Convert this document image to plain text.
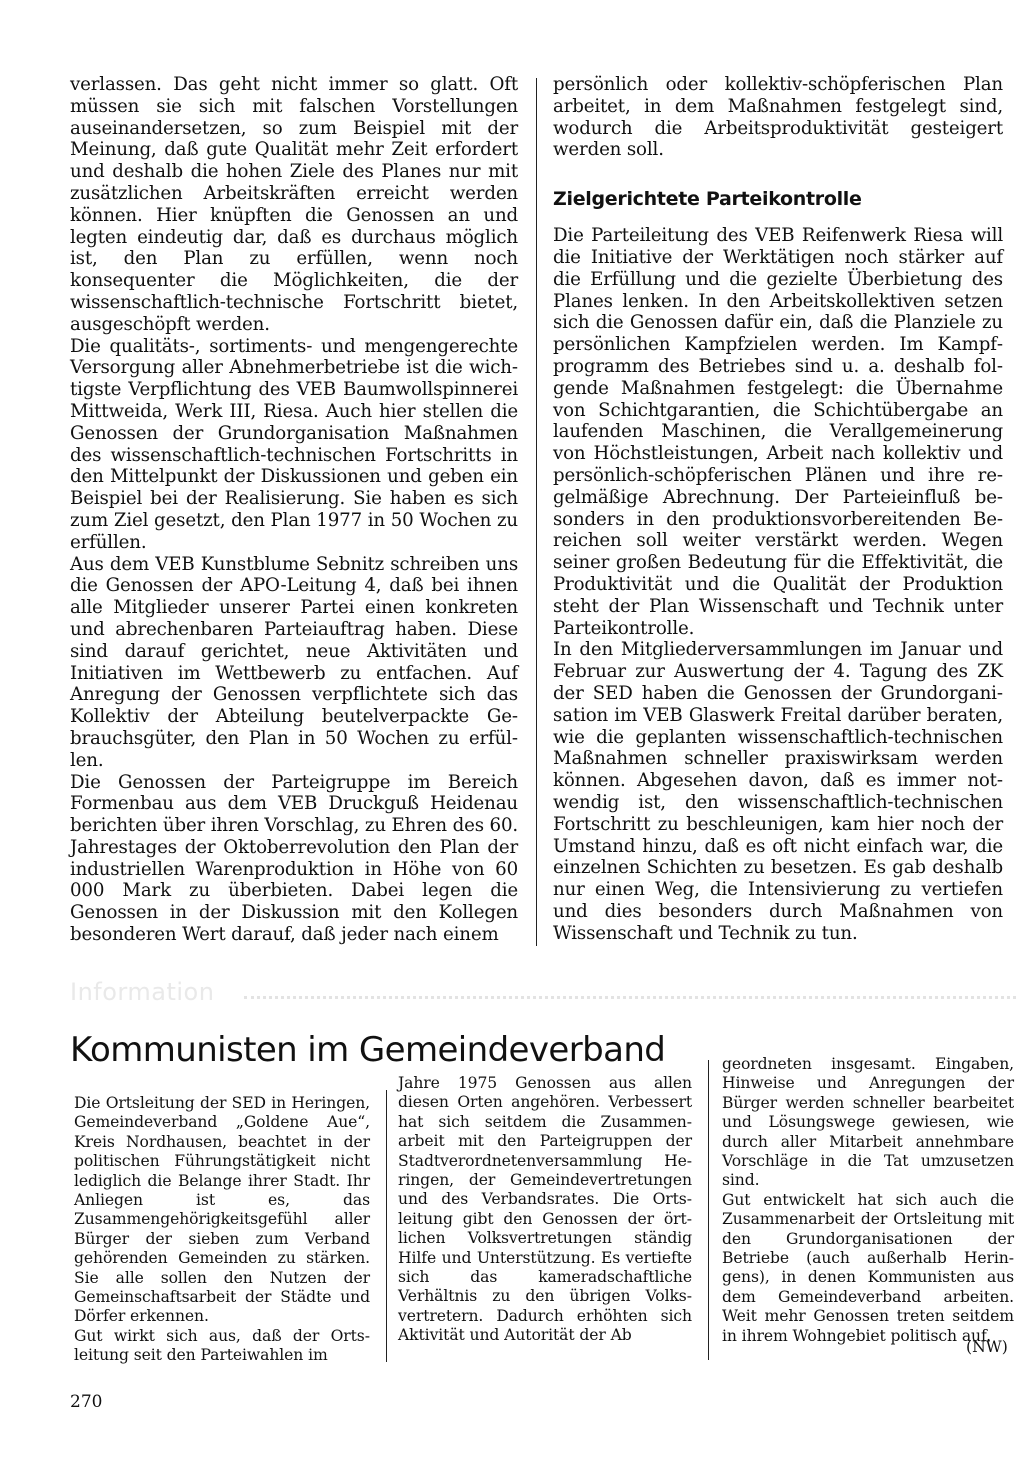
verlassen. Das geht nicht immer so glatt. Oft müssen sie sich mit falschen Vorstellungen auseinandersetzen, so zum Beispiel mit der Meinung, daß gute Qualität mehr Zeit erfordert und deshalb die hohen Ziele des Planes nur mit zusätzlichen Arbeitskräften erreicht werden können. Hier knüpften die Genossen an und legten eindeutig dar, daß es durchaus möglich ist, den Plan zu erfüllen, wenn noch konsequenter die Möglichkeiten, die der wissenschaftlich-technische Fortschritt bietet, ausgeschöpft werden.

Die qualitäts-, sortiments- und mengengerechte Versorgung aller Abnehmerbetriebe ist die wichtigste Verpflichtung des VEB Baumwollspinnerei Mittweida, Werk III, Riesa. Auch hier stellen die Genossen der Grundorganisation Maßnahmen des wissenschaftlich-technischen Fortschritts in den Mittelpunkt der Diskussionen und geben ein Beispiel bei der Realisierung. Sie haben es sich zum Ziel gesetzt, den Plan 1977 in 50 Wochen zu erfüllen.

Aus dem VEB Kunstblume Sebnitz schreiben uns die Genossen der APO-Leitung 4, daß bei ihnen alle Mitglieder unserer Partei einen konkreten und abrechenbaren Parteiauftrag haben. Diese sind darauf gerichtet, neue Aktivitäten und Initiativen im Wettbewerb zu entfachen. Auf Anregung der Genossen verpflichtete sich das Kollektiv der Abteilung beutelverpackte Gebrauchsgüter, den Plan in 50 Wochen zu erfüllen.

Die Genossen der Parteigruppe im Bereich Formenbau aus dem VEB Druckguß Heidenau berichten über ihren Vorschlag, zu Ehren des 60. Jahrestages der Oktoberrevolution den Plan der industriellen Warenproduktion in Höhe von 60 000 Mark zu überbieten. Dabei legen die Genossen in der Diskussion mit den Kollegen besonderen Wert darauf, daß jeder nach einem

persönlich oder kollektiv-schöpferischen Plan arbeitet, in dem Maßnahmen festgelegt sind, wodurch die Arbeitsproduktivität gesteigert werden soll.

Zielgerichtete Parteikontrolle

Die Parteileitung des VEB Reifenwerk Riesa will die Initiative der Werktätigen noch stärker auf die Erfüllung und die gezielte Überbietung des Planes lenken. In den Arbeitskollektiven setzen sich die Genossen dafür ein, daß die Planziele zu persönlichen Kampfzielen werden. Im Kampfprogramm des Betriebes sind u. a. deshalb folgende Maßnahmen festgelegt: die Übernahme von Schichtgarantien, die Schichtübergabe an laufenden Maschinen, die Verallgemeinerung von Höchstleistungen, Arbeit nach kollektiv und persönlich-schöpferischen Plänen und ihre regelmäßige Abrechnung. Der Parteieinfluß besonders in den produktionsvorbereitenden Bereichen soll weiter verstärkt werden. Wegen seiner großen Bedeutung für die Effektivität, die Produktivität und die Qualität der Produktion steht der Plan Wissenschaft und Technik unter Parteikontrolle.

In den Mitgliederversammlungen im Januar und Februar zur Auswertung der 4. Tagung des ZK der SED haben die Genossen der Grundorganisation im VEB Glaswerk Freital darüber beraten, wie die geplanten wissenschaftlich-technischen Maßnahmen schneller praxiswirksam werden können. Abgesehen davon, daß es immer notwendig ist, den wissenschaftlich-technischen Fortschritt zu beschleunigen, kam hier noch der Umstand hinzu, daß es oft nicht einfach war, die einzelnen Schichten zu besetzen. Es gab deshalb nur einen Weg, die Intensivierung zu vertiefen und dies besonders durch Maßnahmen von Wissenschaft und Technik zu tun.

Information
Kommunisten im Gemeindeverband

Die Ortsleitung der SED in Heringen, Gemeindeverband „Goldene Aue“, Kreis Nordhausen, beachtet in der politischen Führungstätigkeit nicht lediglich die Belange ihrer Stadt. Ihr Anliegen ist es, das Zusammengehörigkeitsgefühl aller Bürger der sieben zum Verband gehörenden Gemeinden zu stärken. Sie alle sollen den Nutzen der Gemeinschaftsarbeit der Städte und Dörfer erkennen.

Gut wirkt sich aus, daß der Ortsleitung seit den Parteiwahlen im

Jahre 1975 Genossen aus allen diesen Orten angehören. Verbessert hat sich seitdem die Zusammenarbeit mit den Parteigruppen der Stadtverordnetenversammlung Heringen, der Gemeindevertretungen und des Verbandsrates. Die Ortsleitung gibt den Genossen der örtlichen Volksvertretungen ständig Hilfe und Unterstützung. Es vertiefte sich das kameradschaftliche Verhältnis zu den übrigen Volksvertretern. Dadurch erhöhten sich Aktivität und Autorität der Ab

geordneten insgesamt. Eingaben, Hinweise und Anregungen der Bürger werden schneller bearbeitet und Lösungswege gewiesen, wie durch aller Mitarbeit annehmbare Vorschläge in die Tat umzusetzen sind.

Gut entwickelt hat sich auch die Zusammenarbeit der Ortsleitung mit den Grundorganisationen der Betriebe (auch außerhalb Heringens), in denen Kommunisten aus dem Gemeindeverband arbeiten. Weit mehr Genossen treten seitdem in ihrem Wohngebiet politisch auf.

(NW)
270
